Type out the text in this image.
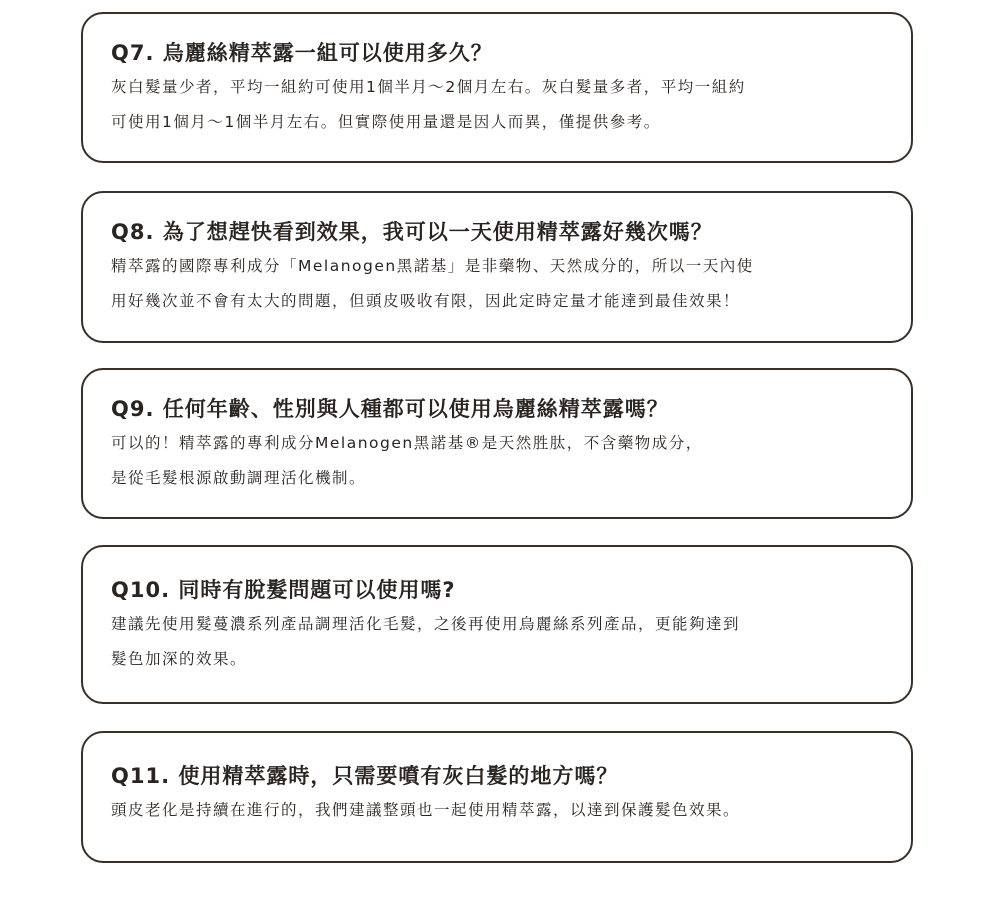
Q7. 烏麗絲精萃露一組可以使用多久？
灰白髮量少者，平均一組約可使用1個半月～2個月左右。灰白髮量多者，平均一組約
可使用1個月～1個半月左右。但實際使用量還是因人而異，僅提供參考。
Q8. 為了想趕快看到效果，我可以一天使用精萃露好幾次嗎？
精萃露的國際專利成分「Melanogen黑諾基」是非藥物、天然成分的，所以一天內使
用好幾次並不會有太大的問題，但頭皮吸收有限，因此定時定量才能達到最佳效果！
Q9. 任何年齡、性別與人種都可以使用烏麗絲精萃露嗎？
可以的！精萃露的專利成分Melanogen黑諾基®是天然胜肽，不含藥物成分，
是從毛髮根源啟動調理活化機制。
Q10. 同時有脫髮問題可以使用嗎?
建議先使用髮蔓濃系列產品調理活化毛髮，之後再使用烏麗絲系列產品，更能夠達到
髮色加深的效果。
Q11. 使用精萃露時，只需要噴有灰白髮的地方嗎？
頭皮老化是持續在進行的，我們建議整頭也一起使用精萃露，以達到保護髮色效果。
